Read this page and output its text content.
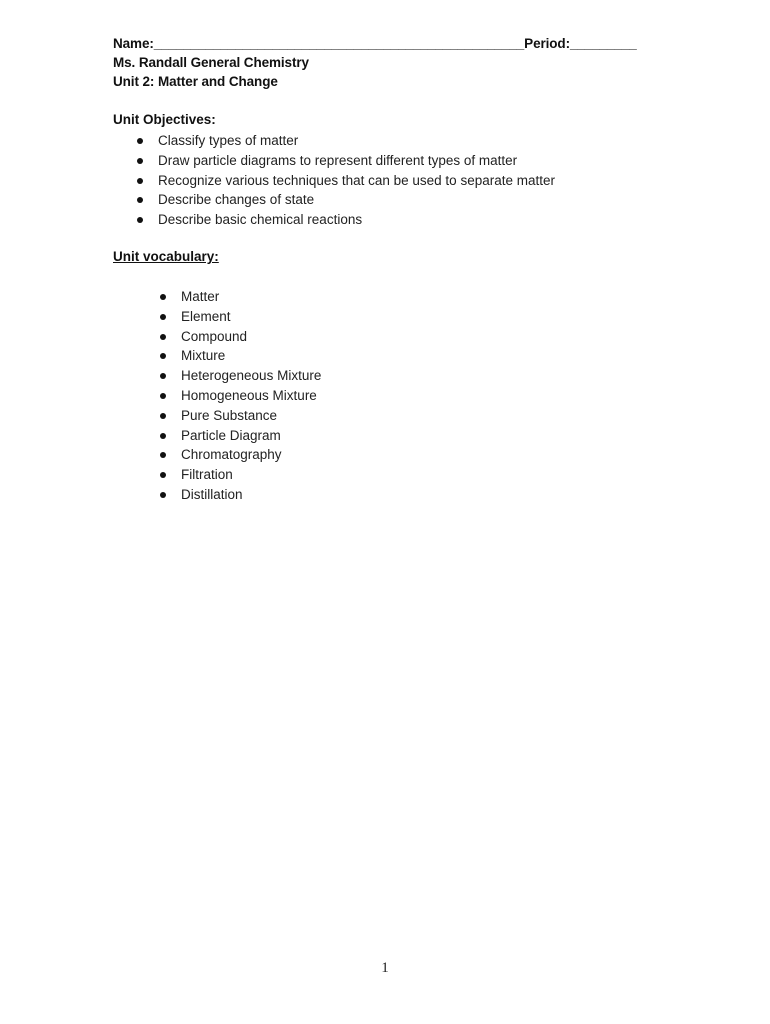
Name:__________________________________________________Period:_________
Ms. Randall General Chemistry
Unit 2: Matter and Change
Unit Objectives:
Classify types of matter
Draw particle diagrams to represent different types of matter
Recognize various techniques that can be used to separate matter
Describe changes of state
Describe basic chemical reactions
Unit vocabulary:
Matter
Element
Compound
Mixture
Heterogeneous Mixture
Homogeneous Mixture
Pure Substance
Particle Diagram
Chromatography
Filtration
Distillation
1
